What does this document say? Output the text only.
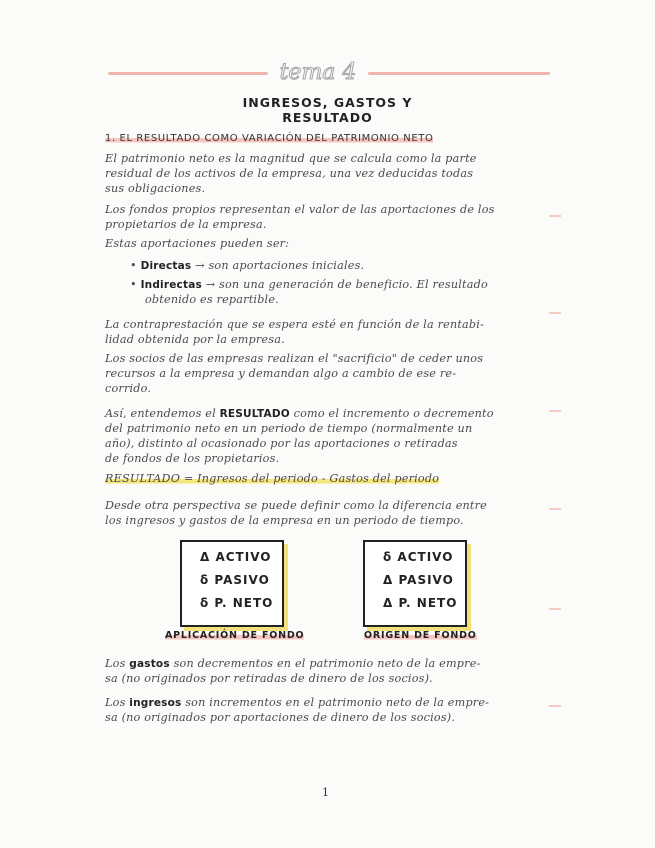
tema 4
INGRESOS, GASTOS Y RESULTADO
1. EL RESULTADO COMO VARIACIÓN DEL PATRIMONIO NETO
El patrimonio neto es la magnitud que se calcula como la parte
residual de los activos de la empresa, una vez deducidas todas
sus obligaciones.
Los fondos propios representan el valor de las aportaciones de los
propietarios de la empresa.
Estas aportaciones pueden ser:
• Directas → son aportaciones iniciales.
• Indirectas → son una generación de beneficio. El resultado
obtenido es repartible.
La contraprestación que se espera esté en función de la rentabi-
lidad obtenida por la empresa.
Los socios de las empresas realizan el "sacrificio" de ceder unos
recursos a la empresa y demandan algo a cambio de ese re-
corrido.
Así, entendemos el RESULTADO como el incremento o decremento
del patrimonio neto en un periodo de tiempo (normalmente un
año), distinto al ocasionado por las aportaciones o retiradas
de fondos de los propietarios.
RESULTADO = Ingresos del periodo - Gastos del periodo
Desde otra perspectiva se puede definir como la diferencia entre
los ingresos y gastos de la empresa en un periodo de tiempo.
Δ ACTIVO
δ PASIVO
δ P. NETO
APLICACIÓN DE FONDO
δ ACTIVO
Δ PASIVO
Δ P. NETO
ORIGEN DE FONDO
Los gastos son decrementos en el patrimonio neto de la empre-
sa (no originados por retiradas de dinero de los socios).
Los ingresos son incrementos en el patrimonio neto de la empre-
sa (no originados por aportaciones de dinero de los socios).
1
